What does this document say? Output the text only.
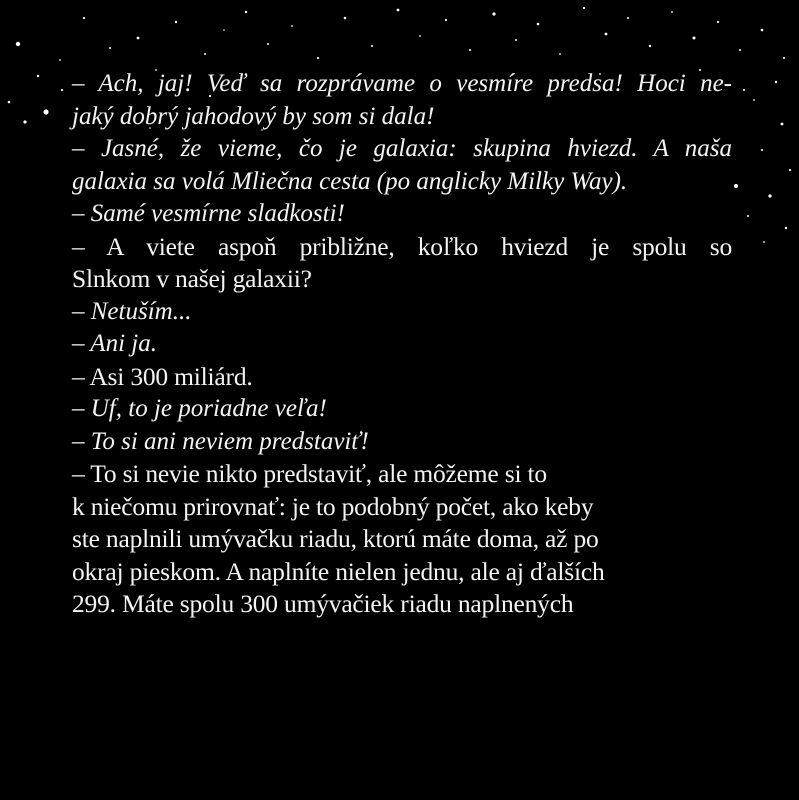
– Ach, jaj! Veď sa rozprávame o vesmíre predsa! Hoci ne-
jaký dobrý jahodový by som si dala!
– Jasné, že vieme, čo je galaxia: skupina hviezd. A naša
galaxia sa volá Mliečna cesta (po anglicky Milky Way).
– Samé vesmírne sladkosti!
– A viete aspoň približne, koľko hviezd je spolu so
Slnkom v našej galaxii?
– Netuším...
– Ani ja.
– Asi 300 miliárd.
– Uf, to je poriadne veľa!
– To si ani neviem predstaviť!
– To si nevie nikto predstaviť, ale môžeme si to
k niečomu prirovnať: je to podobný počet, ako keby
ste naplnili umývačku riadu, ktorú máte doma, až po
okraj pieskom. A naplníte nielen jednu, ale aj ďalších
299. Máte spolu 300 umývačiek riadu naplnených
